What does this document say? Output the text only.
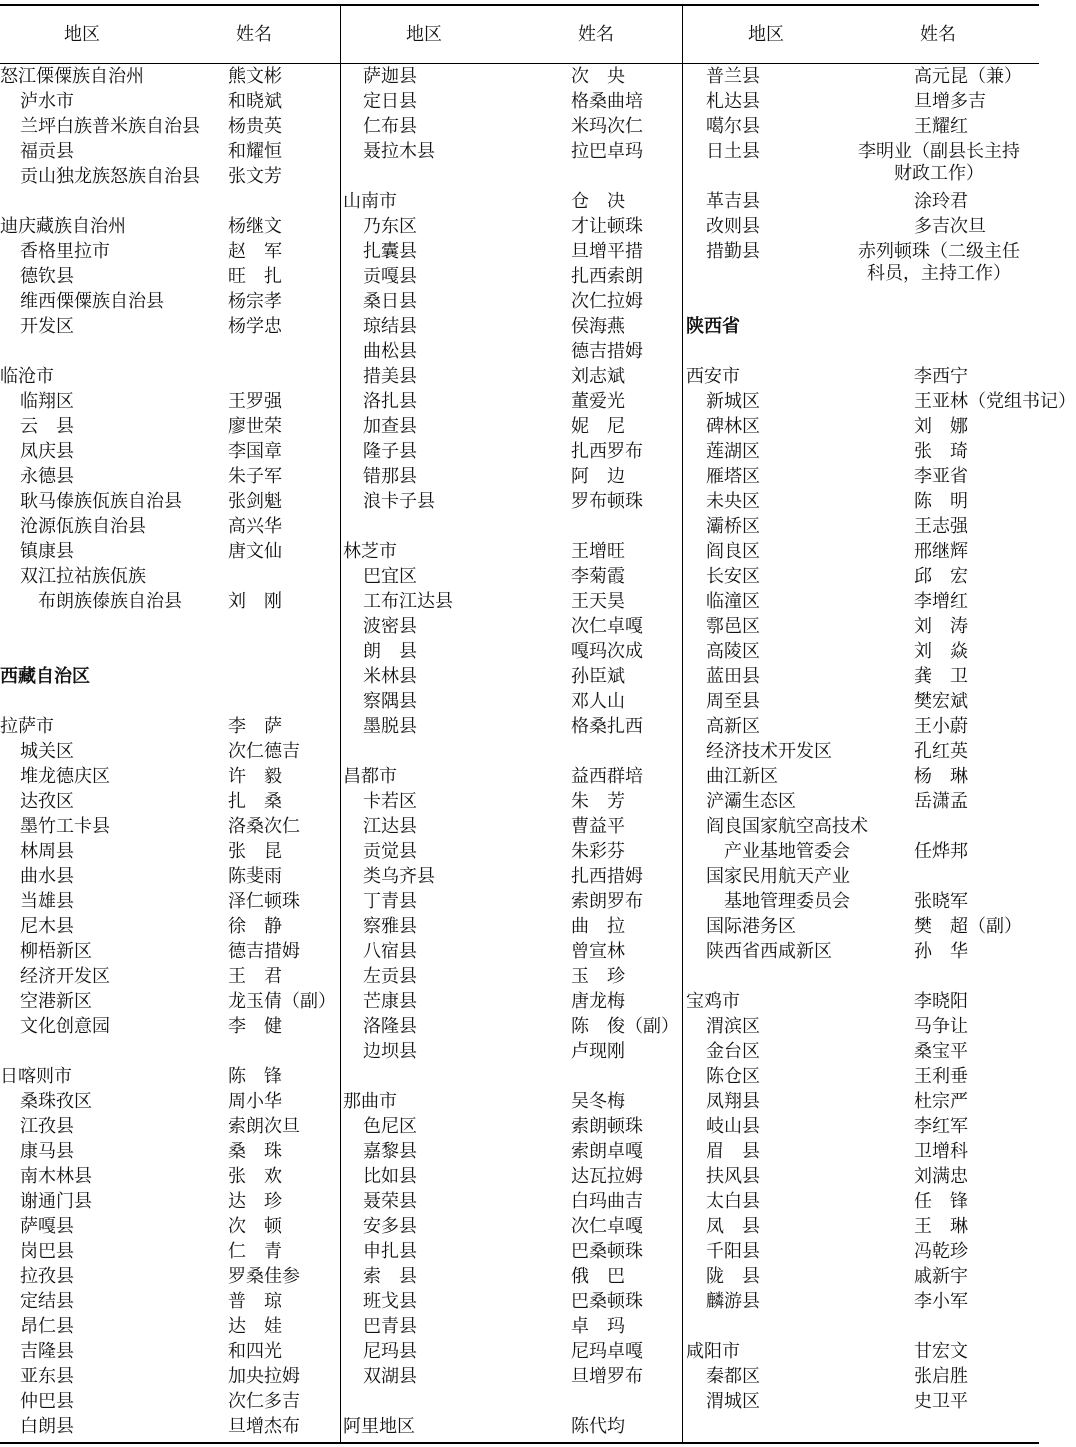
地区	姓名	地区	姓名	地区	姓名
怒江傈僳族自治州	熊文彬
泸水市	和晓斌
兰坪白族普米族自治县 杨贵英
福贡县	和耀恒
贡山独龙族怒族自治县 张文芳
迪庆藏族自治州	杨继文
香格里拉市	赵　军
德钦县	旺　扎
维西傈僳族自治县	杨宗孝
开发区	杨学忠
临沧市
临翔区	王罗强
云　县	廖世荣
凤庆县	李国章
永德县	朱子军
耿马傣族佤族自治县	张剑魁
沧源佤族自治县	高兴华
镇康县	唐文仙
双江拉祜族佤族
布朗族傣族自治县	刘　刚
西藏自治区
拉萨市	李　萨
城关区	次仁德吉
堆龙德庆区	许　毅
达孜区	扎　桑
墨竹工卡县	洛桑次仁
林周县	张　昆
曲水县	陈斐雨
当雄县	泽仁顿珠
尼木县	徐　静
柳梧新区	德吉措姆
经济开发区	王　君
空港新区	龙玉倩（副）
文化创意园	李　健
日喀则市	陈　锋
桑珠孜区	周小华
江孜县	索朗次旦
康马县	桑　珠
南木林县	张　欢
谢通门县	达　珍
萨嘎县	次　顿
岗巴县	仁　青
拉孜县	罗桑佳参
定结县	普　琼
昂仁县	达　娃
吉隆县	和四光
亚东县	加央拉姆
仲巴县	次仁多吉
白朗县	旦增杰布
萨迦县	次　央
定日县	格桑曲培
仁布县	米玛次仁
聂拉木县	拉巴卓玛
山南市	仓　决
乃东区	才让顿珠
扎囊县	旦增平措
贡嘎县	扎西索朗
桑日县	次仁拉姆
琼结县	侯海燕
曲松县	德吉措姆
措美县	刘志斌
洛扎县	董爱光
加查县	妮　尼
隆子县	扎西罗布
错那县	阿　边
浪卡子县	罗布顿珠
林芝市	王增旺
巴宜区	李菊霞
工布江达县	王天昊
波密县	次仁卓嘎
朗　县	嘎玛次成
米林县	孙臣斌
察隅县	邓人山
墨脱县	格桑扎西
昌都市	益西群培
卡若区	朱　芳
江达县	曹益平
贡觉县	朱彩芬
类乌齐县	扎西措姆
丁青县	索朗罗布
察雅县	曲　拉
八宿县	曾宣林
左贡县	玉　珍
芒康县	唐龙梅
洛隆县	陈　俊（副）
边坝县	卢现刚
那曲市	吴冬梅
色尼区	索朗顿珠
嘉黎县	索朗卓嘎
比如县	达瓦拉姆
聂荣县	白玛曲吉
安多县	次仁卓嘎
申扎县	巴桑顿珠
索　县	俄　巴
班戈县	巴桑顿珠
巴青县	卓　玛
尼玛县	尼玛卓嘎
双湖县	旦增罗布
阿里地区	陈代均
普兰县	高元昆（兼）
札达县	旦增多吉
噶尔县	王耀红
日土县	李明业（副县长主持
财政工作）
革吉县	涂玲君
改则县	多吉次旦
措勤县	赤列顿珠（二级主任
科员，主持工作）
陕西省
西安市	李西宁
新城区	王亚林（党组书记）
碑林区	刘　娜
莲湖区	张　琦
雁塔区	李亚省
未央区	陈　明
灞桥区	王志强
阎良区	邢继辉
长安区	邱　宏
临潼区	李增红
鄠邑区	刘　涛
高陵区	刘　焱
蓝田县	龚　卫
周至县	樊宏斌
高新区	王小蔚
经济技术开发区	孔红英
曲江新区	杨　琳
浐灞生态区	岳潇孟
阎良国家航空高技术
产业基地管委会	任烨邦
国家民用航天产业
基地管理委员会	张晓军
国际港务区	樊　超（副）
陕西省西咸新区	孙　华
宝鸡市	李晓阳
渭滨区	马争让
金台区	桑宝平
陈仓区	王利垂
凤翔县	杜宗严
岐山县	李红军
眉　县	卫增科
扶风县	刘满忠
太白县	任　锋
凤　县	王　琳
千阳县	冯乾珍
陇　县	戚新宇
麟游县	李小军
咸阳市	甘宏文
秦都区	张启胜
渭城区	史卫平
